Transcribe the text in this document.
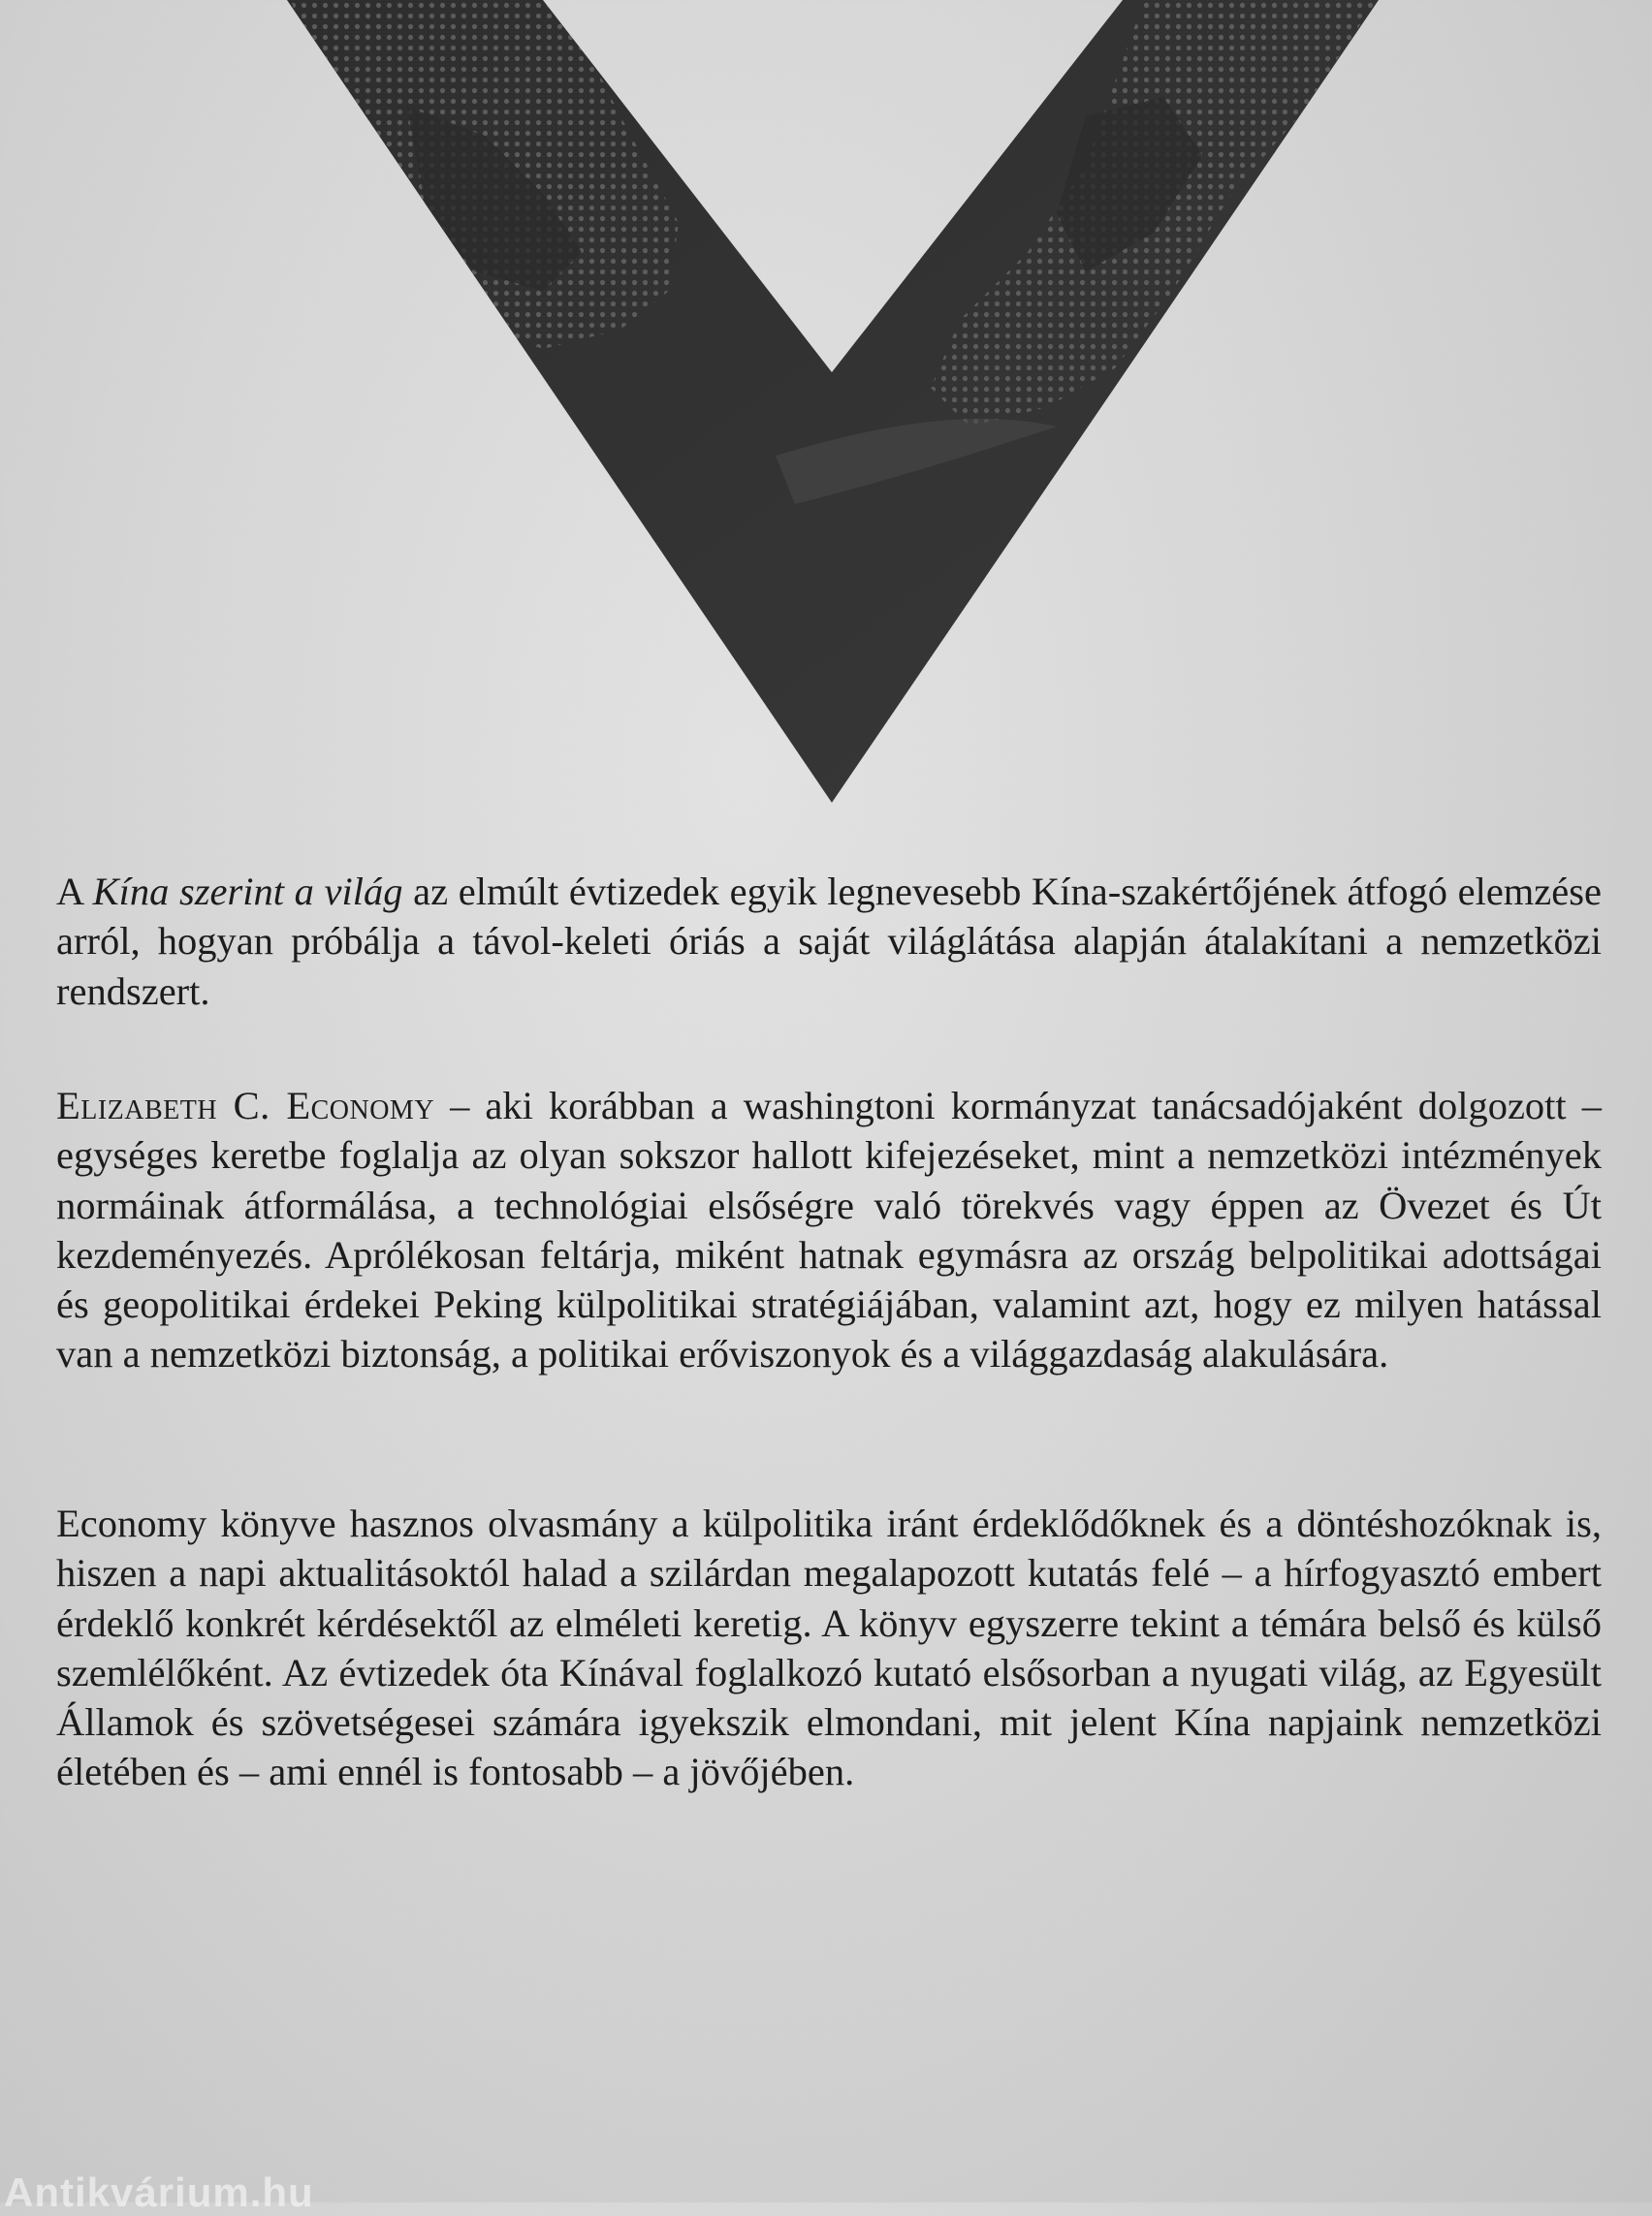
A Kína szerint a világ az elmúlt évtizedek egyik legnevesebb Kína-szakértőjének átfogó elemzése arról, hogyan próbálja a távol-keleti óriás a saját világlátása alapján átalakítani a nemzetközi rendszert.

Elizabeth C. Economy – aki korábban a washingtoni kormányzat tanácsadójaként dolgozott – egységes keretbe foglalja az olyan sokszor hallott kifejezéseket, mint a nemzetközi intézmények normáinak átformálása, a technológiai elsőségre való törekvés vagy éppen az Övezet és Út kezdeményezés. Aprólékosan feltárja, miként hatnak egymásra az ország belpolitikai adottságai és geopolitikai érdekei Peking külpolitikai stratégiájában, valamint azt, hogy ez milyen hatással van a nemzetközi biztonság, a politikai erőviszonyok és a világgazdaság alakulására.

Economy könyve hasznos olvasmány a külpolitika iránt érdeklődőknek és a döntéshozóknak is, hiszen a napi aktualitásoktól halad a szilárdan megalapozott kutatás felé – a hírfogyasztó embert érdeklő konkrét kérdésektől az elméleti keretig. A könyv egyszerre tekint a témára belső és külső szemlélőként. Az évtizedek óta Kínával foglalkozó kutató elsősorban a nyugati világ, az Egyesült Államok és szövetségesei számára igyekszik elmondani, mit jelent Kína napjaink nemzetközi életében és – ami ennél is fontosabb – a jövőjében.

Antikvárium.hu
